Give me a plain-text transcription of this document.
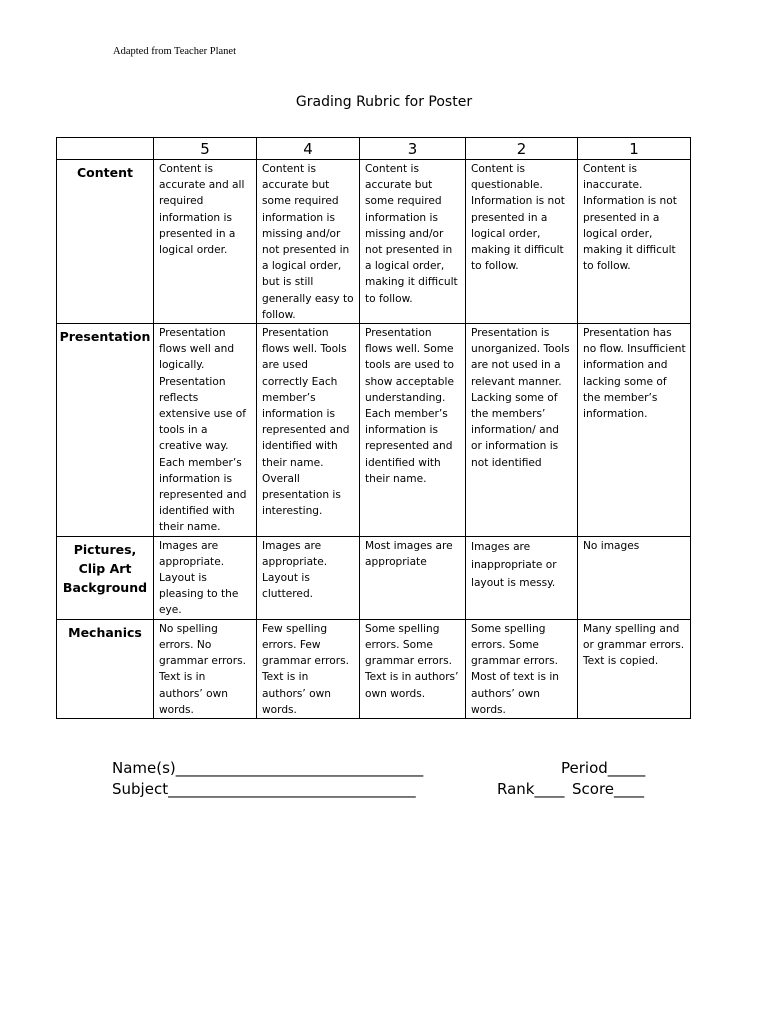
Adapted from Teacher Planet
Grading Rubric for Poster
	5	4	3	2	1
Content	Content is accurate and all required information is presented in a logical order.	Content is accurate but some required information is missing and/or not presented in a logical order, but is still generally easy to follow.	Content is accurate but some required information is missing and/or not presented in a logical order, making it difficult to follow.	Content is questionable. Information is not presented in a logical order, making it difficult to follow.	Content is inaccurate. Information is not presented in a logical order, making it difficult to follow.
Presentation	Presentation flows well and logically. Presentation reflects extensive use of tools in a creative way. Each member’s information is represented and identified with their name.	Presentation flows well. Tools are used correctly Each member’s information is represented and identified with their name. Overall presentation is interesting.	Presentation flows well. Some tools are used to show acceptable understanding. Each member’s information is represented and identified with their name.	Presentation is unorganized. Tools are not used in a relevant manner. Lacking some of the members’ information/ and or information is not identified	Presentation has no flow. Insufficient information and lacking some of the member’s information.
Pictures, Clip Art Background	Images are appropriate. Layout is pleasing to the eye.	Images are appropriate. Layout is cluttered.	Most images are appropriate	Images are inappropriate or layout is messy.	No images
Mechanics	No spelling errors. No grammar errors. Text is in authors’ own words.	Few spelling errors. Few grammar errors. Text is in authors’ own words.	Some spelling errors. Some grammar errors. Text is in authors’ own words.	Some spelling errors. Some grammar errors. Most of text is in authors’ own words.	Many spelling and or grammar errors. Text is copied.
Name(s)_________________________________	Period_____
Subject_________________________________	Rank____ Score____
